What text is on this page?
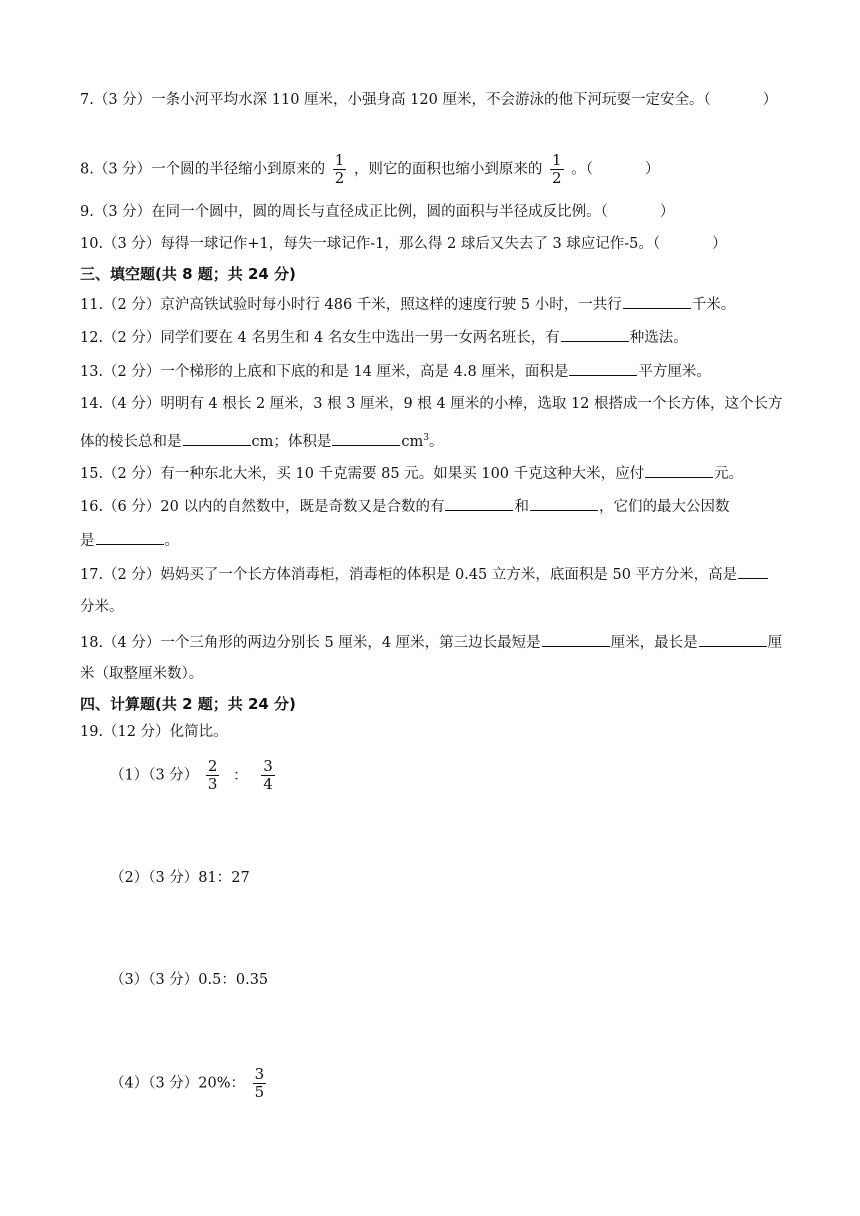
7.（3 分）一条小河平均水深 110 厘米，小强身高 120 厘米，不会游泳的他下河玩耍一定安全。（	）
8.（3 分）一个圆的半径缩小到原来的 $\frac{1}{2}$ ，则它的面积也缩小到原来的 $\frac{1}{2}$ 。（	）
9.（3 分）在同一个圆中，圆的周长与直径成正比例，圆的面积与半径成反比例。（	）
10.（3 分）每得一球记作+1，每失一球记作-1，那么得 2 球后又失去了 3 球应记作-5。（	）
三、填空题(共 8 题；共 24 分)
11.（2 分）京沪高铁试验时每小时行 486 千米，照这样的速度行驶 5 小时，一共行	千米。
12.（2 分）同学们要在 4 名男生和 4 名女生中选出一男一女两名班长，有	种选法。
13.（2 分）一个梯形的上底和下底的和是 14 厘米，高是 4.8 厘米，面积是	平方厘米。
14.（4 分）明明有 4 根长 2 厘米，3 根 3 厘米，9 根 4 厘米的小棒，选取 12 根搭成一个长方体，这个长方
体的棱长总和是	cm；体积是	$cm^3$。
15.（2 分）有一种东北大米，买 10 千克需要 85 元。如果买 100 千克这种大米，应付	元。
16.（6 分）20 以内的自然数中，既是奇数又是合数的有	和	，它们的最大公因数
是	。
17.（2 分）妈妈买了一个长方体消毒柜，消毒柜的体积是 0.45 立方米，底面积是 50 平方分米，高是
分米。
18.（4 分）一个三角形的两边分别长 5 厘米，4 厘米，第三边长最短是	厘米，最长是	厘
米（取整厘米数）。
四、计算题(共 2 题；共 24 分)
19.（12 分）化简比。
（1）（3 分） $\frac{2}{3}$ ： $\frac{3}{4}$
（2）（3 分）81：27
（3）（3 分）0.5：0.35
（4）（3 分）20%： $\frac{3}{5}$
